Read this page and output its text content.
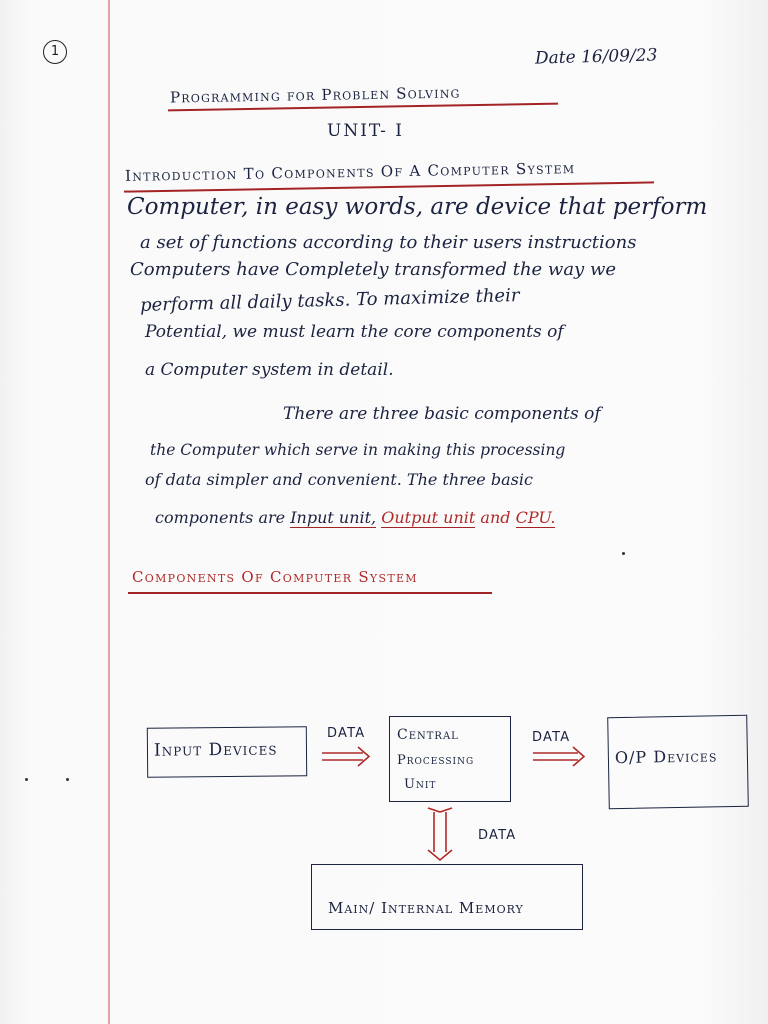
1	Date 16/09/23
Programming for Problen Solving
UNIT- I
Introduction To Components Of A Computer System
Computer, in easy words, are device that perform
a set of functions according to their users instructions
Computers have Completely transformed the way we
perform all daily tasks. To maximize their
Potential, we must learn the core components of
a Computer system in detail.
There are three basic components of
the Computer which serve in making this processing
of data simpler and convenient. The three basic
components are Input unit, Output unit and CPU.
Components Of Computer System
Input Devices
DATA Central
Processing
Unit
DATA
O/P Devices
DATA
Main/ Internal Memory
